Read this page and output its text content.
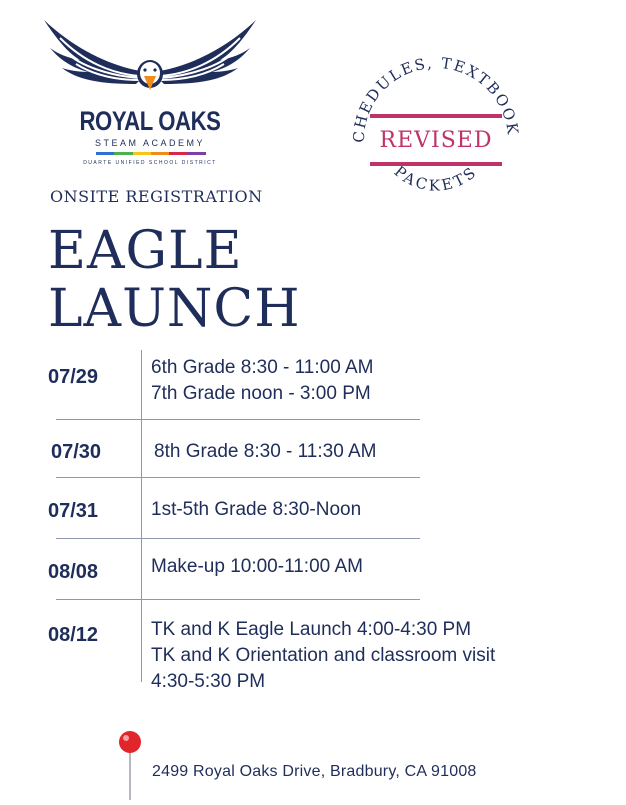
ROYAL OAKS
STEAM ACADEMY
DUARTE UNIFIED SCHOOL DISTRICT
CHEDULES, TEXTBOOK
PACKETS
REVISED
ONSITE REGISTRATION
EAGLE
LAUNCH
07/29	6th Grade 8:30 - 11:00 AM
7th Grade noon - 3:00 PM
07/30	8th Grade 8:30 - 11:30 AM
07/31	1st-5th Grade 8:30-Noon
08/08	Make-up 10:00-11:00 AM
08/12	TK and K Eagle Launch 4:00-4:30 PM
TK and K Orientation and classroom visit
4:30-5:30 PM
2499 Royal Oaks Drive, Bradbury, CA 91008
